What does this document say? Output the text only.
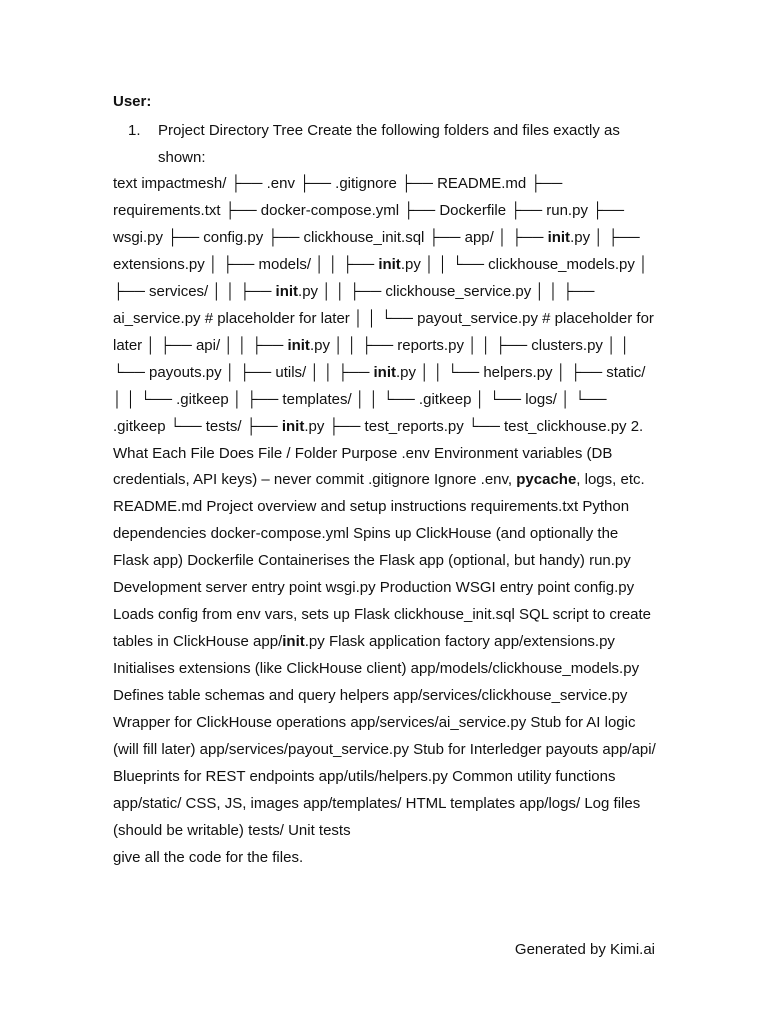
User:

1. Project Directory Tree Create the following folders and files exactly as shown:

text impactmesh/ ├── .env ├── .gitignore ├── README.md ├── requirements.txt ├── docker-compose.yml ├── Dockerfile ├── run.py ├── wsgi.py ├── config.py ├── clickhouse_init.sql ├── app/ │ ├── init.py │ ├── extensions.py │ ├── models/ │ │ ├── init.py │ │ └── clickhouse_models.py │ ├── services/ │ │ ├── init.py │ │ ├── clickhouse_service.py │ │ ├── ai_service.py # placeholder for later │ │ └── payout_service.py # placeholder for later │ ├── api/ │ │ ├── init.py │ │ ├── reports.py │ │ ├── clusters.py │ │ └── payouts.py │ ├── utils/ │ │ ├── init.py │ │ └── helpers.py │ ├── static/ │ │ └── .gitkeep │ ├── templates/ │ │ └── .gitkeep │ └── logs/ │ └── .gitkeep └── tests/ ├── init.py ├── test_reports.py └── test_clickhouse.py 2. What Each File Does File / Folder Purpose .env Environment variables (DB credentials, API keys) – never commit .gitignore Ignore .env, pycache, logs, etc. README.md Project overview and setup instructions requirements.txt Python dependencies docker-compose.yml Spins up ClickHouse (and optionally the Flask app) Dockerfile Containerises the Flask app (optional, but handy) run.py Development server entry point wsgi.py Production WSGI entry point config.py Loads config from env vars, sets up Flask clickhouse_init.sql SQL script to create tables in ClickHouse app/init.py Flask application factory app/extensions.py Initialises extensions (like ClickHouse client) app/models/clickhouse_models.py Defines table schemas and query helpers app/services/clickhouse_service.py Wrapper for ClickHouse operations app/services/ai_service.py Stub for AI logic (will fill later) app/services/payout_service.py Stub for Interledger payouts app/api/ Blueprints for REST endpoints app/utils/helpers.py Common utility functions app/static/ CSS, JS, images app/templates/ HTML templates app/logs/ Log files (should be writable) tests/ Unit tests

give all the code for the files.

Generated by Kimi.ai
